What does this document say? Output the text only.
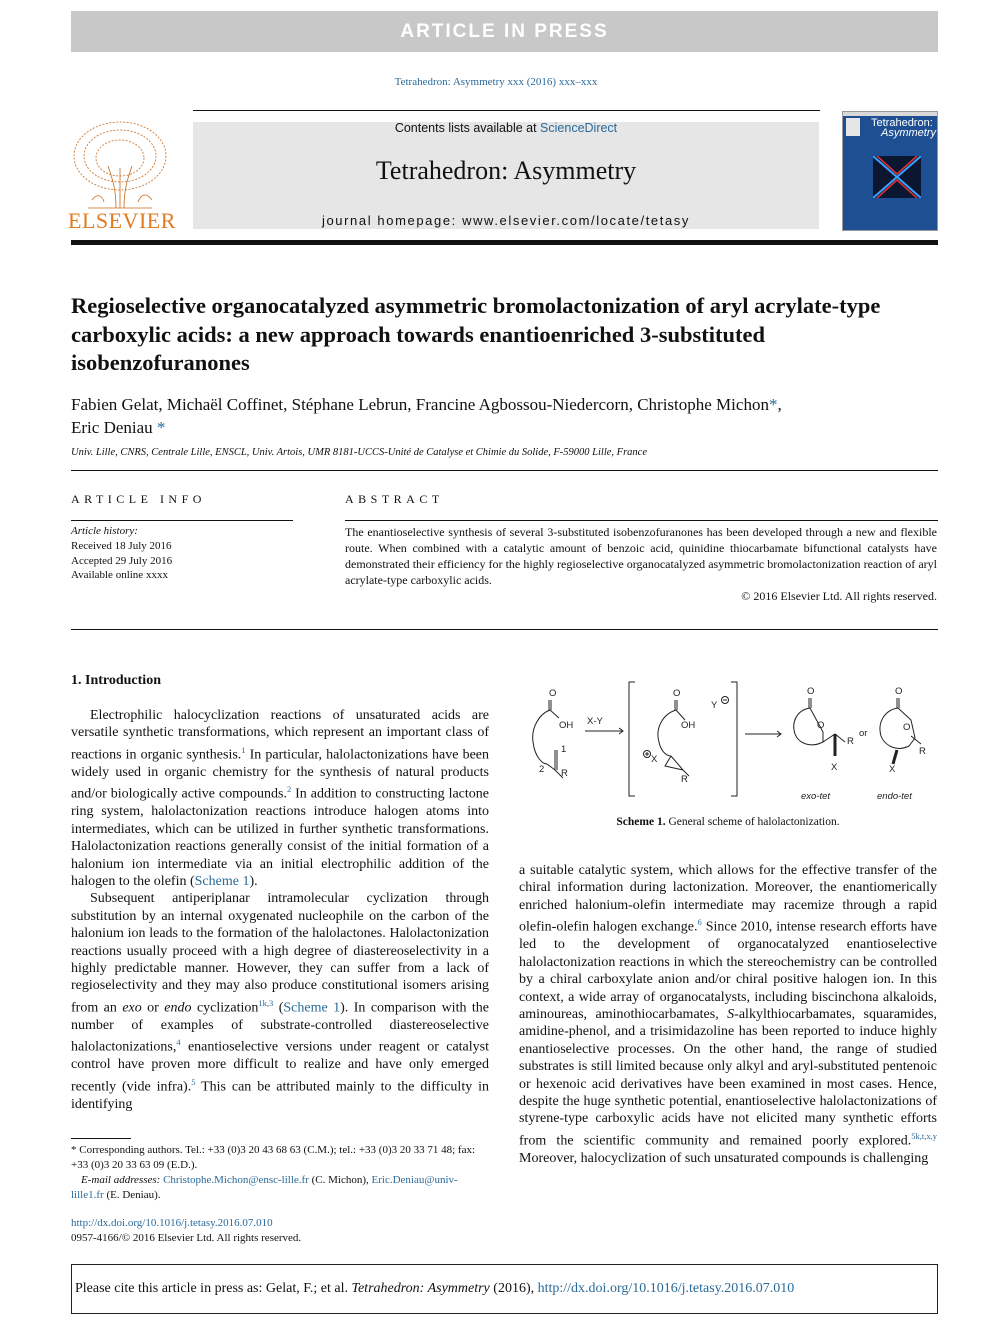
ARTICLE IN PRESS
Tetrahedron: Asymmetry xxx (2016) xxx–xxx
ELSEVIER
Contents lists available at ScienceDirect
Tetrahedron: Asymmetry
journal homepage: www.elsevier.com/locate/tetasy
Tetrahedron:
Asymmetry
Regioselective organocatalyzed asymmetric bromolactonization of aryl acrylate-type carboxylic acids: a new approach towards enantioenriched 3-substituted isobenzofuranones
Fabien Gelat, Michaël Coffinet, Stéphane Lebrun, Francine Agbossou-Niedercorn, Christophe Michon*,
Eric Deniau *
Univ. Lille, CNRS, Centrale Lille, ENSCL, Univ. Artois, UMR 8181-UCCS-Unité de Catalyse et Chimie du Solide, F-59000 Lille, France
ARTICLE INFO
Article history:
Received 18 July 2016
Accepted 29 July 2016
Available online xxxx
ABSTRACT
The enantioselective synthesis of several 3-substituted isobenzofuranones has been developed through a new and flexible route. When combined with a catalytic amount of benzoic acid, quinidine thiocarbamate bifunctional catalysts have demonstrated their efficiency for the highly regioselective organocatalyzed asymmetric bromolactonization reaction of aryl acrylate-type carboxylic acids.
© 2016 Elsevier Ltd. All rights reserved.
1. Introduction

Electrophilic halocyclization reactions of unsaturated acids are versatile synthetic transformations, which represent an important class of reactions in organic synthesis.$^1$ In particular, halolactonizations have been widely used in organic chemistry for the synthesis of natural products and/or biologically active compounds.$^2$ In addition to constructing lactone ring system, halolactonization reactions introduce halogen atoms into intermediates, which can be utilized in further synthetic transformations. Halolactonization reactions generally consist of the initial formation of a halonium ion intermediate via an initial electrophilic addition of the halogen to the olefin (Scheme 1).

Subsequent antiperiplanar intramolecular cyclization through substitution by an internal oxygenated nucleophile on the carbon of the halonium ion leads to the formation of the halolactones. Halolactonization reactions usually proceed with a high degree of diastereoselectivity in a highly predictable manner. However, they can suffer from a lack of regioselectivity and they may also produce constitutional isomers arising from an exo or endo cyclization$^{1k,3}$ (Scheme 1). In comparison with the number of examples of substrate-controlled diastereoselective halolactonizations,$^4$ enantioselective versions under reagent or catalyst control have proven more difficult to realize and have only emerged recently (vide infra).$^5$ This can be attributed mainly to the difficulty in identifying

O
OH
1
2 R
X-Y
O
OH
X
R
Y
O
O
R
X
or
O
O
R
X
exo-tet	endo-tet
Scheme 1. General scheme of halolactonization.

a suitable catalytic system, which allows for the effective transfer of the chiral information during lactonization. Moreover, the enantiomerically enriched halonium-olefin intermediate may racemize through a rapid olefin-olefin halogen exchange.$^6$ Since 2010, intense research efforts have led to the development of organocatalyzed enantioselective halolactonization reactions in which the stereochemistry can be controlled by a chiral carboxylate anion and/or chiral positive halogen ion. In this context, a wide array of organocatalysts, including biscinchona alkaloids, aminoureas, aminothiocarbamates, S-alkylthiocarbamates, squaramides, amidine-phenol, and a trisimidazoline has been reported to induce highly enantioselective processes. On the other hand, the range of studied substrates is still limited because only alkyl and aryl-substituted pentenoic or hexenoic acid derivatives have been examined in most cases. Hence, despite the huge synthetic potential, enantioselective halolactonizations of styrene-type carboxylic acids have not elicited many synthetic efforts from the scientific community and remained poorly explored.$^{5k,t,x,y}$ Moreover, halocyclization of such unsaturated compounds is challenging

* Corresponding authors. Tel.: +33 (0)3 20 43 68 63 (C.M.); tel.: +33 (0)3 20 33 71 48; fax: +33 (0)3 20 33 63 09 (E.D.).
E-mail addresses: Christophe.Michon@ensc-lille.fr (C. Michon), Eric.Deniau@univ-lille1.fr (E. Deniau).
http://dx.doi.org/10.1016/j.tetasy.2016.07.010
0957-4166/© 2016 Elsevier Ltd. All rights reserved.
Please cite this article in press as: Gelat, F.; et al. Tetrahedron: Asymmetry (2016), http://dx.doi.org/10.1016/j.tetasy.2016.07.010
